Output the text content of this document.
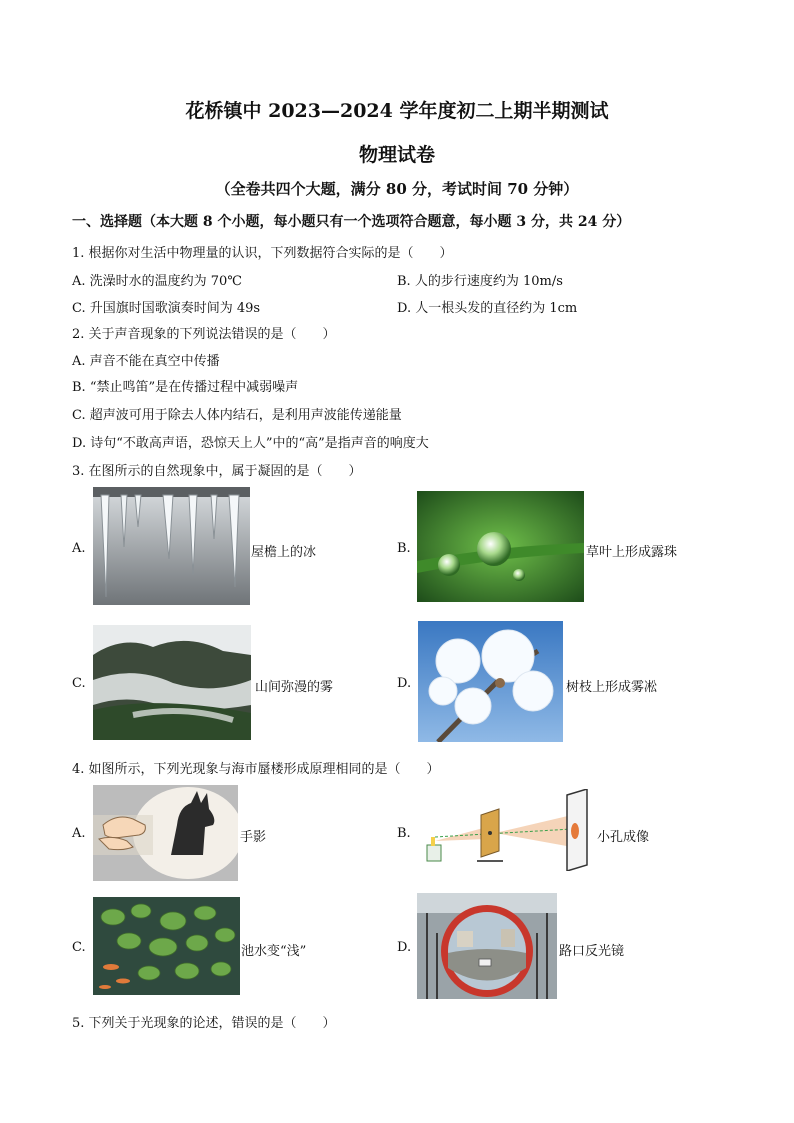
花桥镇中 2023—2024 学年度初二上期半期测试
物理试卷
（全卷共四个大题，满分 80 分，考试时间 70 分钟）
一、选择题（本大题 8 个小题，每小题只有一个选项符合题意，每小题 3 分，共 24 分）
1. 根据你对生活中物理量的认识，下列数据符合实际的是（　　）
A. 洗澡时水的温度约为 70℃	B. 人的步行速度约为 10m/s
C. 升国旗时国歌演奏时间为 49s	D. 人一根头发的直径约为 1cm
2. 关于声音现象的下列说法错误的是（　　）
A. 声音不能在真空中传播
B. “禁止鸣笛”是在传播过程中减弱噪声
C. 超声波可用于除去人体内结石，是利用声波能传递能量
D. 诗句“不敢高声语，恐惊天上人”中的“高”是指声音的响度大
3. 在图所示的自然现象中，属于凝固的是（　　）
A.	屋檐上的冰	B.	草叶上形成露珠
C.	山间弥漫的雾	D.	树枝上形成雾凇
4. 如图所示，下列光现象与海市蜃楼形成原理相同的是（　　）
A.	手影	B.	小孔成像
C.	池水变“浅”	D.	路口反光镜
5. 下列关于光现象的论述，错误的是（　　）
